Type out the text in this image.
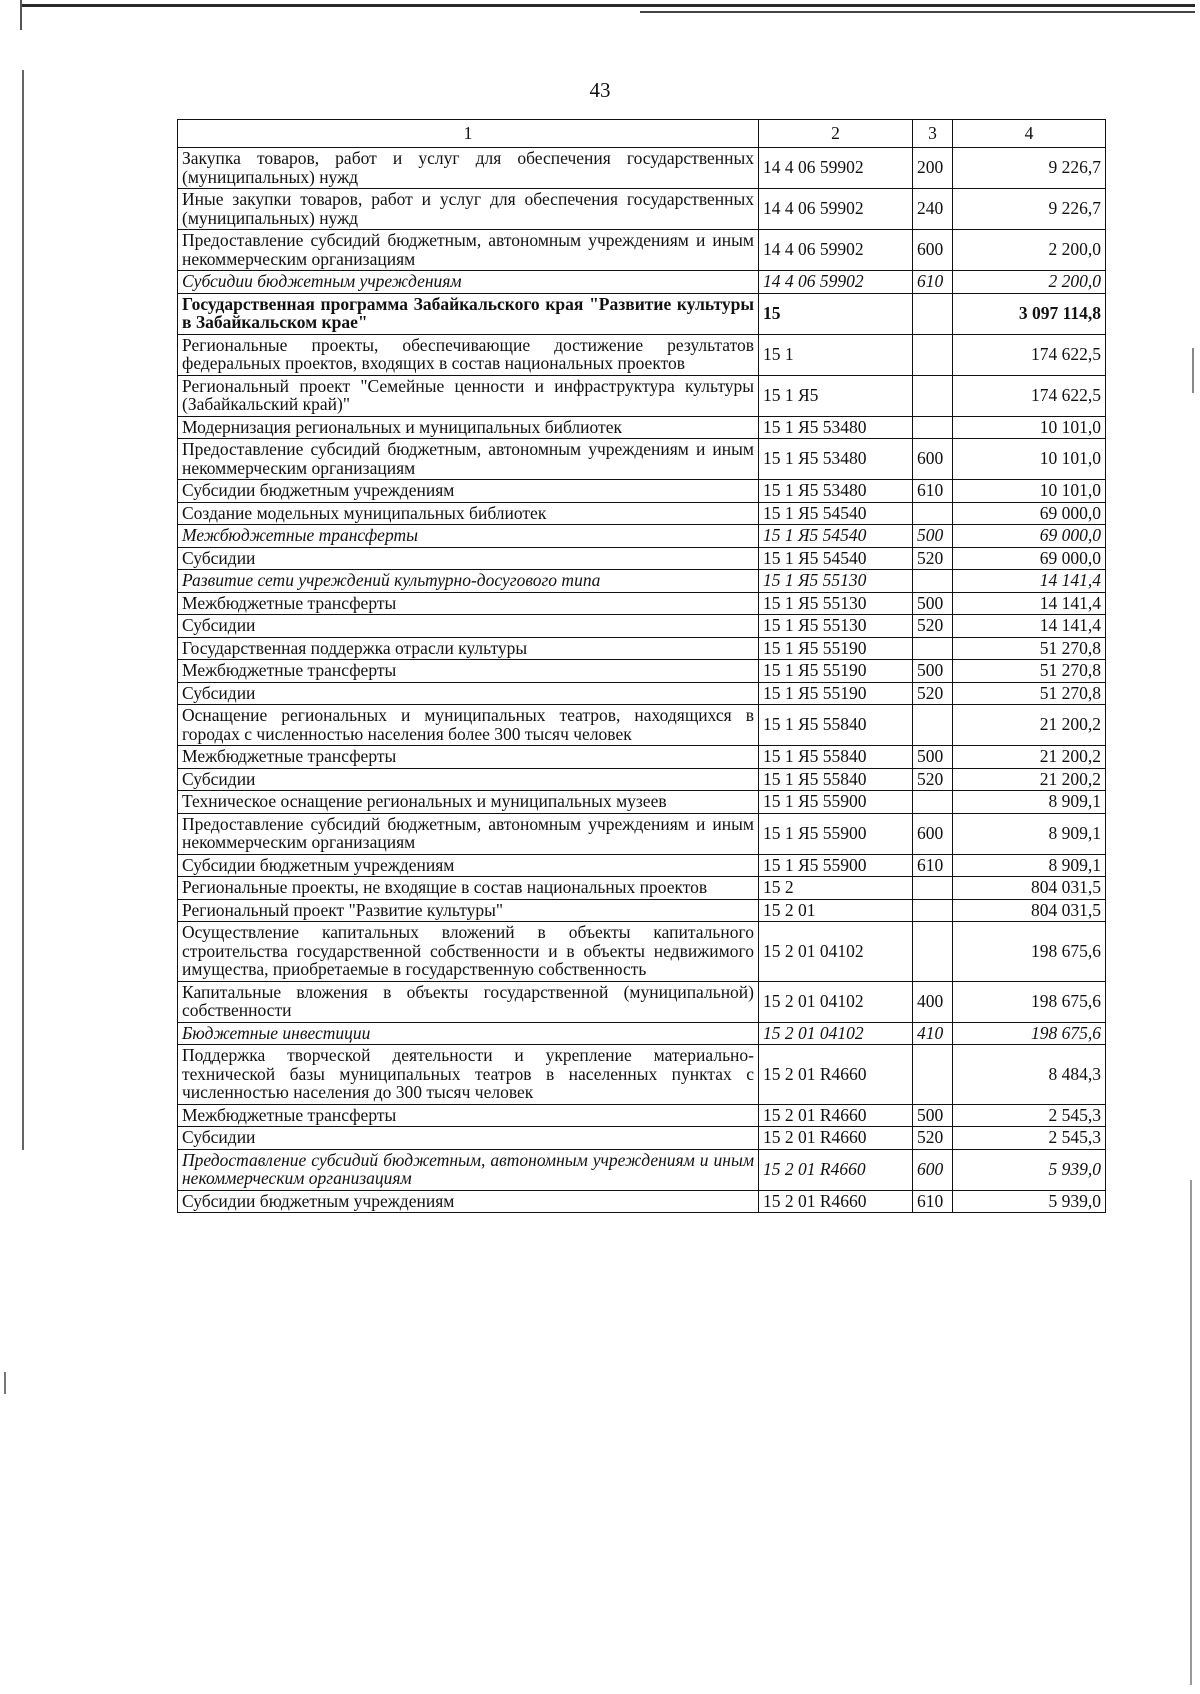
43
1	2	3	4
Закупка товаров, работ и услуг для обеспечения государственных (муниципальных) нужд	14 4 06 59902	200	9 226,7
Иные закупки товаров, работ и услуг для обеспечения государственных (муниципальных) нужд	14 4 06 59902	240	9 226,7
Предоставление субсидий бюджетным, автономным учреждениям и иным некоммерческим организациям	14 4 06 59902	600	2 200,0
Субсидии бюджетным учреждениям	14 4 06 59902	610	2 200,0
Государственная программа Забайкальского края "Развитие культуры в Забайкальском крае"	15		3 097 114,8
Региональные проекты, обеспечивающие достижение результатов федеральных проектов, входящих в состав национальных проектов	15 1		174 622,5
Региональный проект "Семейные ценности и инфраструктура культуры (Забайкальский край)"	15 1 Я5		174 622,5
Модернизация региональных и муниципальных библиотек	15 1 Я5 53480		10 101,0
Предоставление субсидий бюджетным, автономным учреждениям и иным некоммерческим организациям	15 1 Я5 53480	600	10 101,0
Субсидии бюджетным учреждениям	15 1 Я5 53480	610	10 101,0
Создание модельных муниципальных библиотек	15 1 Я5 54540		69 000,0
Межбюджетные трансферты	15 1 Я5 54540	500	69 000,0
Субсидии	15 1 Я5 54540	520	69 000,0
Развитие сети учреждений культурно-досугового типа	15 1 Я5 55130		14 141,4
Межбюджетные трансферты	15 1 Я5 55130	500	14 141,4
Субсидии	15 1 Я5 55130	520	14 141,4
Государственная поддержка отрасли культуры	15 1 Я5 55190		51 270,8
Межбюджетные трансферты	15 1 Я5 55190	500	51 270,8
Субсидии	15 1 Я5 55190	520	51 270,8
Оснащение региональных и муниципальных театров, находящихся в городах с численностью населения более 300 тысяч человек	15 1 Я5 55840		21 200,2
Межбюджетные трансферты	15 1 Я5 55840	500	21 200,2
Субсидии	15 1 Я5 55840	520	21 200,2
Техническое оснащение региональных и муниципальных музеев	15 1 Я5 55900		8 909,1
Предоставление субсидий бюджетным, автономным учреждениям и иным некоммерческим организациям	15 1 Я5 55900	600	8 909,1
Субсидии бюджетным учреждениям	15 1 Я5 55900	610	8 909,1
Региональные проекты, не входящие в состав национальных проектов	15 2		804 031,5
Региональный проект "Развитие культуры"	15 2 01		804 031,5
Осуществление капитальных вложений в объекты капитального строительства государственной собственности и в объекты недвижимого имущества, приобретаемые в государственную собственность	15 2 01 04102		198 675,6
Капитальные вложения в объекты государственной (муниципальной) собственности	15 2 01 04102	400	198 675,6
Бюджетные инвестиции	15 2 01 04102	410	198 675,6
Поддержка творческой деятельности и укрепление материально-технической базы муниципальных театров в населенных пунктах с численностью населения до 300 тысяч человек	15 2 01 R4660		8 484,3
Межбюджетные трансферты	15 2 01 R4660	500	2 545,3
Субсидии	15 2 01 R4660	520	2 545,3
Предоставление субсидий бюджетным, автономным учреждениям и иным некоммерческим организациям	15 2 01 R4660	600	5 939,0
Субсидии бюджетным учреждениям	15 2 01 R4660	610	5 939,0
